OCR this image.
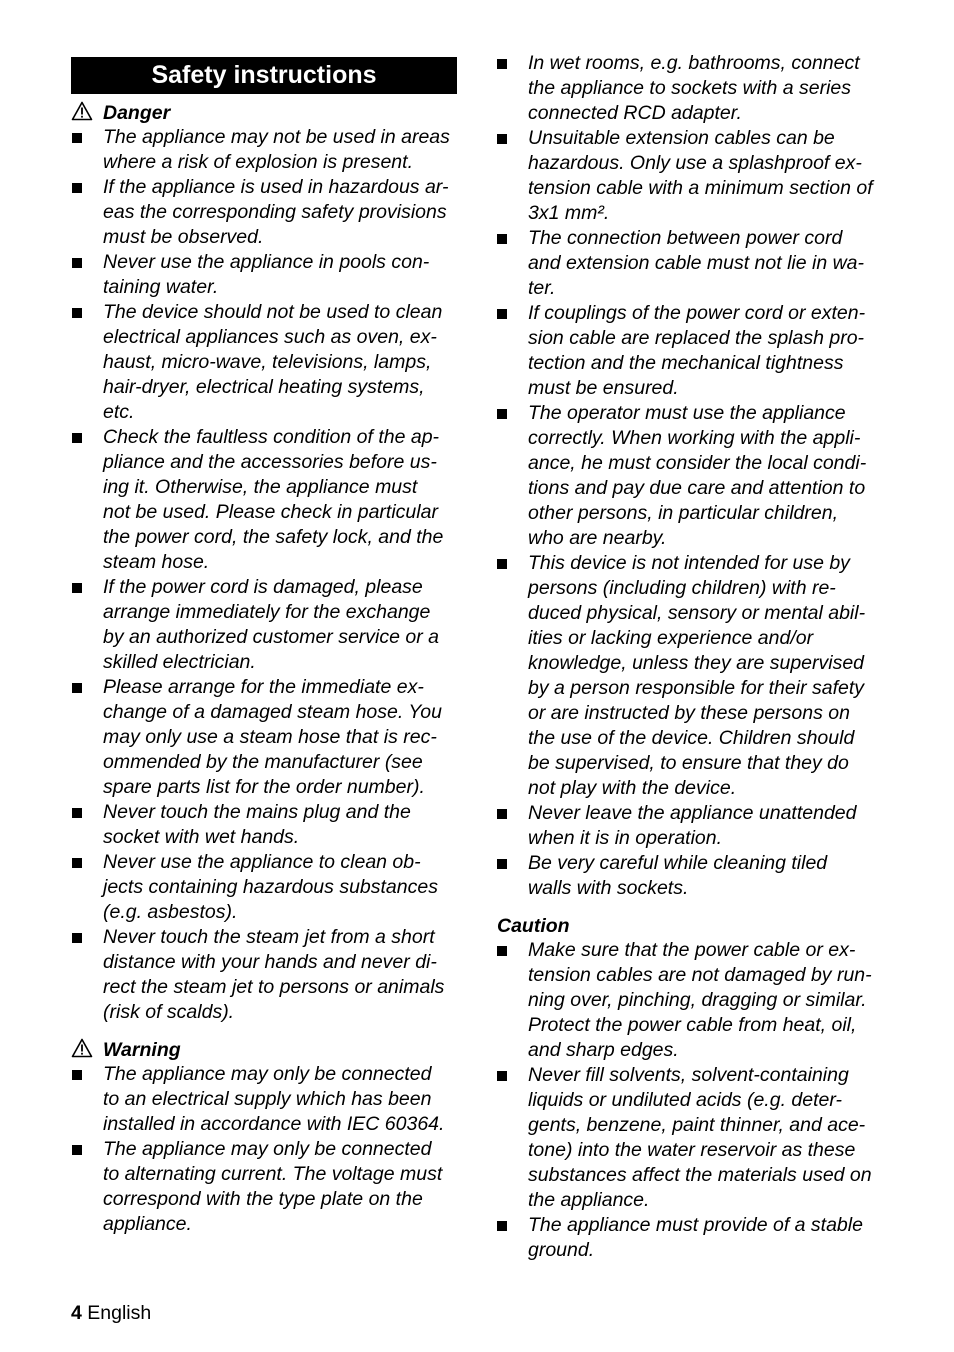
Safety instructions
Danger
The appliance may not be used in areas
where a risk of explosion is present.
If the appliance is used in hazardous ar-
eas the corresponding safety provisions
must be observed.
Never use the appliance in pools con-
taining water.
The device should not be used to clean
electrical appliances such as oven, ex-
haust, micro-wave, televisions, lamps,
hair-dryer, electrical heating systems,
etc.
Check the faultless condition of the ap-
pliance and the accessories before us-
ing it. Otherwise, the appliance must
not be used. Please check in particular
the power cord, the safety lock, and the
steam hose.
If the power cord is damaged, please
arrange immediately for the exchange
by an authorized customer service or a
skilled electrician.
Please arrange for the immediate ex-
change of a damaged steam hose. You
may only use a steam hose that is rec-
ommended by the manufacturer (see
spare parts list for the order number).
Never touch the mains plug and the
socket with wet hands.
Never use the appliance to clean ob-
jects containing hazardous substances
(e.g. asbestos).
Never touch the steam jet from a short
distance with your hands and never di-
rect the steam jet to persons or animals
(risk of scalds).
Warning
The appliance may only be connected
to an electrical supply which has been
installed in accordance with IEC 60364.
The appliance may only be connected
to alternating current. The voltage must
correspond with the type plate on the
appliance.
In wet rooms, e.g. bathrooms, connect
the appliance to sockets with a series
connected RCD adapter.
Unsuitable extension cables can be
hazardous. Only use a splashproof ex-
tension cable with a minimum section of
3x1 mm².
The connection between power cord
and extension cable must not lie in wa-
ter.
If couplings of the power cord or exten-
sion cable are replaced the splash pro-
tection and the mechanical tightness
must be ensured.
The operator must use the appliance
correctly. When working with the appli-
ance, he must consider the local condi-
tions and pay due care and attention to
other persons, in particular children,
who are nearby.
This device is not intended for use by
persons (including children) with re-
duced physical, sensory or mental abil-
ities or lacking experience and/or
knowledge, unless they are supervised
by a person responsible for their safety
or are instructed by these persons on
the use of the device. Children should
be supervised, to ensure that they do
not play with the device.
Never leave the appliance unattended
when it is in operation.
Be very careful while cleaning tiled
walls with sockets.
Caution
Make sure that the power cable or ex-
tension cables are not damaged by run-
ning over, pinching, dragging or similar.
Protect the power cable from heat, oil,
and sharp edges.
Never fill solvents, solvent-containing
liquids or undiluted acids (e.g. deter-
gents, benzene, paint thinner, and ace-
tone) into the water reservoir as these
substances affect the materials used on
the appliance.
The appliance must provide of a stable
ground.
4 English
